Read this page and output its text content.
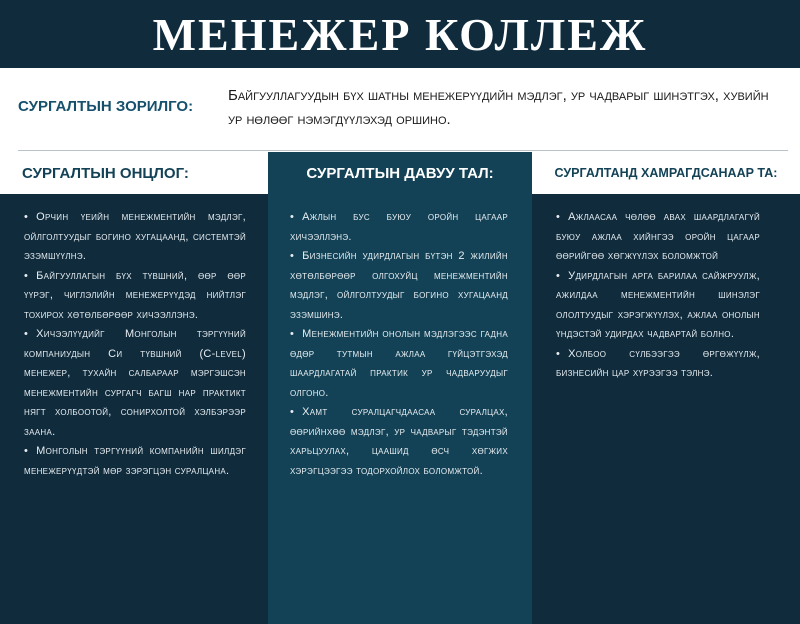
МЕНЕЖЕР КОЛЛЕЖ
СУРГАЛТЫН ЗОРИЛГО:
Байгууллагуудын бүх шатны менежерүүдийн мэдлэг, ур чадварыг шинэтгэх, хувийн ур нөлөөг нэмэгдүүлэхэд оршино.
СУРГАЛТЫН ОНЦЛОГ:	СУРГАЛТЫН ДАВУУ ТАЛ:	СУРГАЛТАНД ХАМРАГДСАНААР ТА:

• Орчин үеийн менежментийн мэдлэг, ойлголтуудыг богино хугацаанд, системтэй эзэмшүүлнэ.

• Байгууллагын бүх түвшний, өөр өөр үүрэг, чиглэлийн менежерүүдэд нийтлэг тохирох хөтөлбөрөөр хичээллэнэ.

• Хичээлүүдийг Монголын тэргүүний компаниудын Си түвшний (C-level) менежер, тухайн салбараар мэргэшсэн менежментийн сургагч багш нар практикт нягт холбоотой, сонирхолтой хэлбэрээр заана.

• Монголын тэргүүний компанийн шилдэг менежерүүдтэй мөр зэрэгцэн суралцана.

• Ажлын бус буюу оройн цагаар хичээллэнэ.

• Бизнесийн удирдлагын бүтэн 2 жилийн хөтөлбөрөөр олгохуйц менежментийн мэдлэг, ойлголтуудыг богино хугацаанд эзэмшинэ.

• Менежментийн онолын мэдлэгээс гадна өдөр тутмын ажлаа гүйцэтгэхэд шаардлагатай практик ур чадваруудыг олгоно.

• Хамт суралцагчдаасаа суралцах, өөрийнхөө мэдлэг, ур чадварыг тэдэнтэй харьцуулах, цаашид өсч хөгжих хэрэгцээгээ тодорхойлох боломжтой.

• Ажлаасаа чөлөө авах шаардлагагүй буюу ажлаа хийнгээ оройн цагаар өөрийгөө хөгжүүлэх боломжтой

• Удирдлагын арга барилаа сайжруулж, ажилдаа менежментийн шинэлэг ололтуудыг хэрэгжүүлэх, ажлаа онолын үндэстэй удирдах чадвартай болно.

• Холбоо сүлбээгээ өргөжүүлж, бизнесийн цар хүрээгээ тэлнэ.
